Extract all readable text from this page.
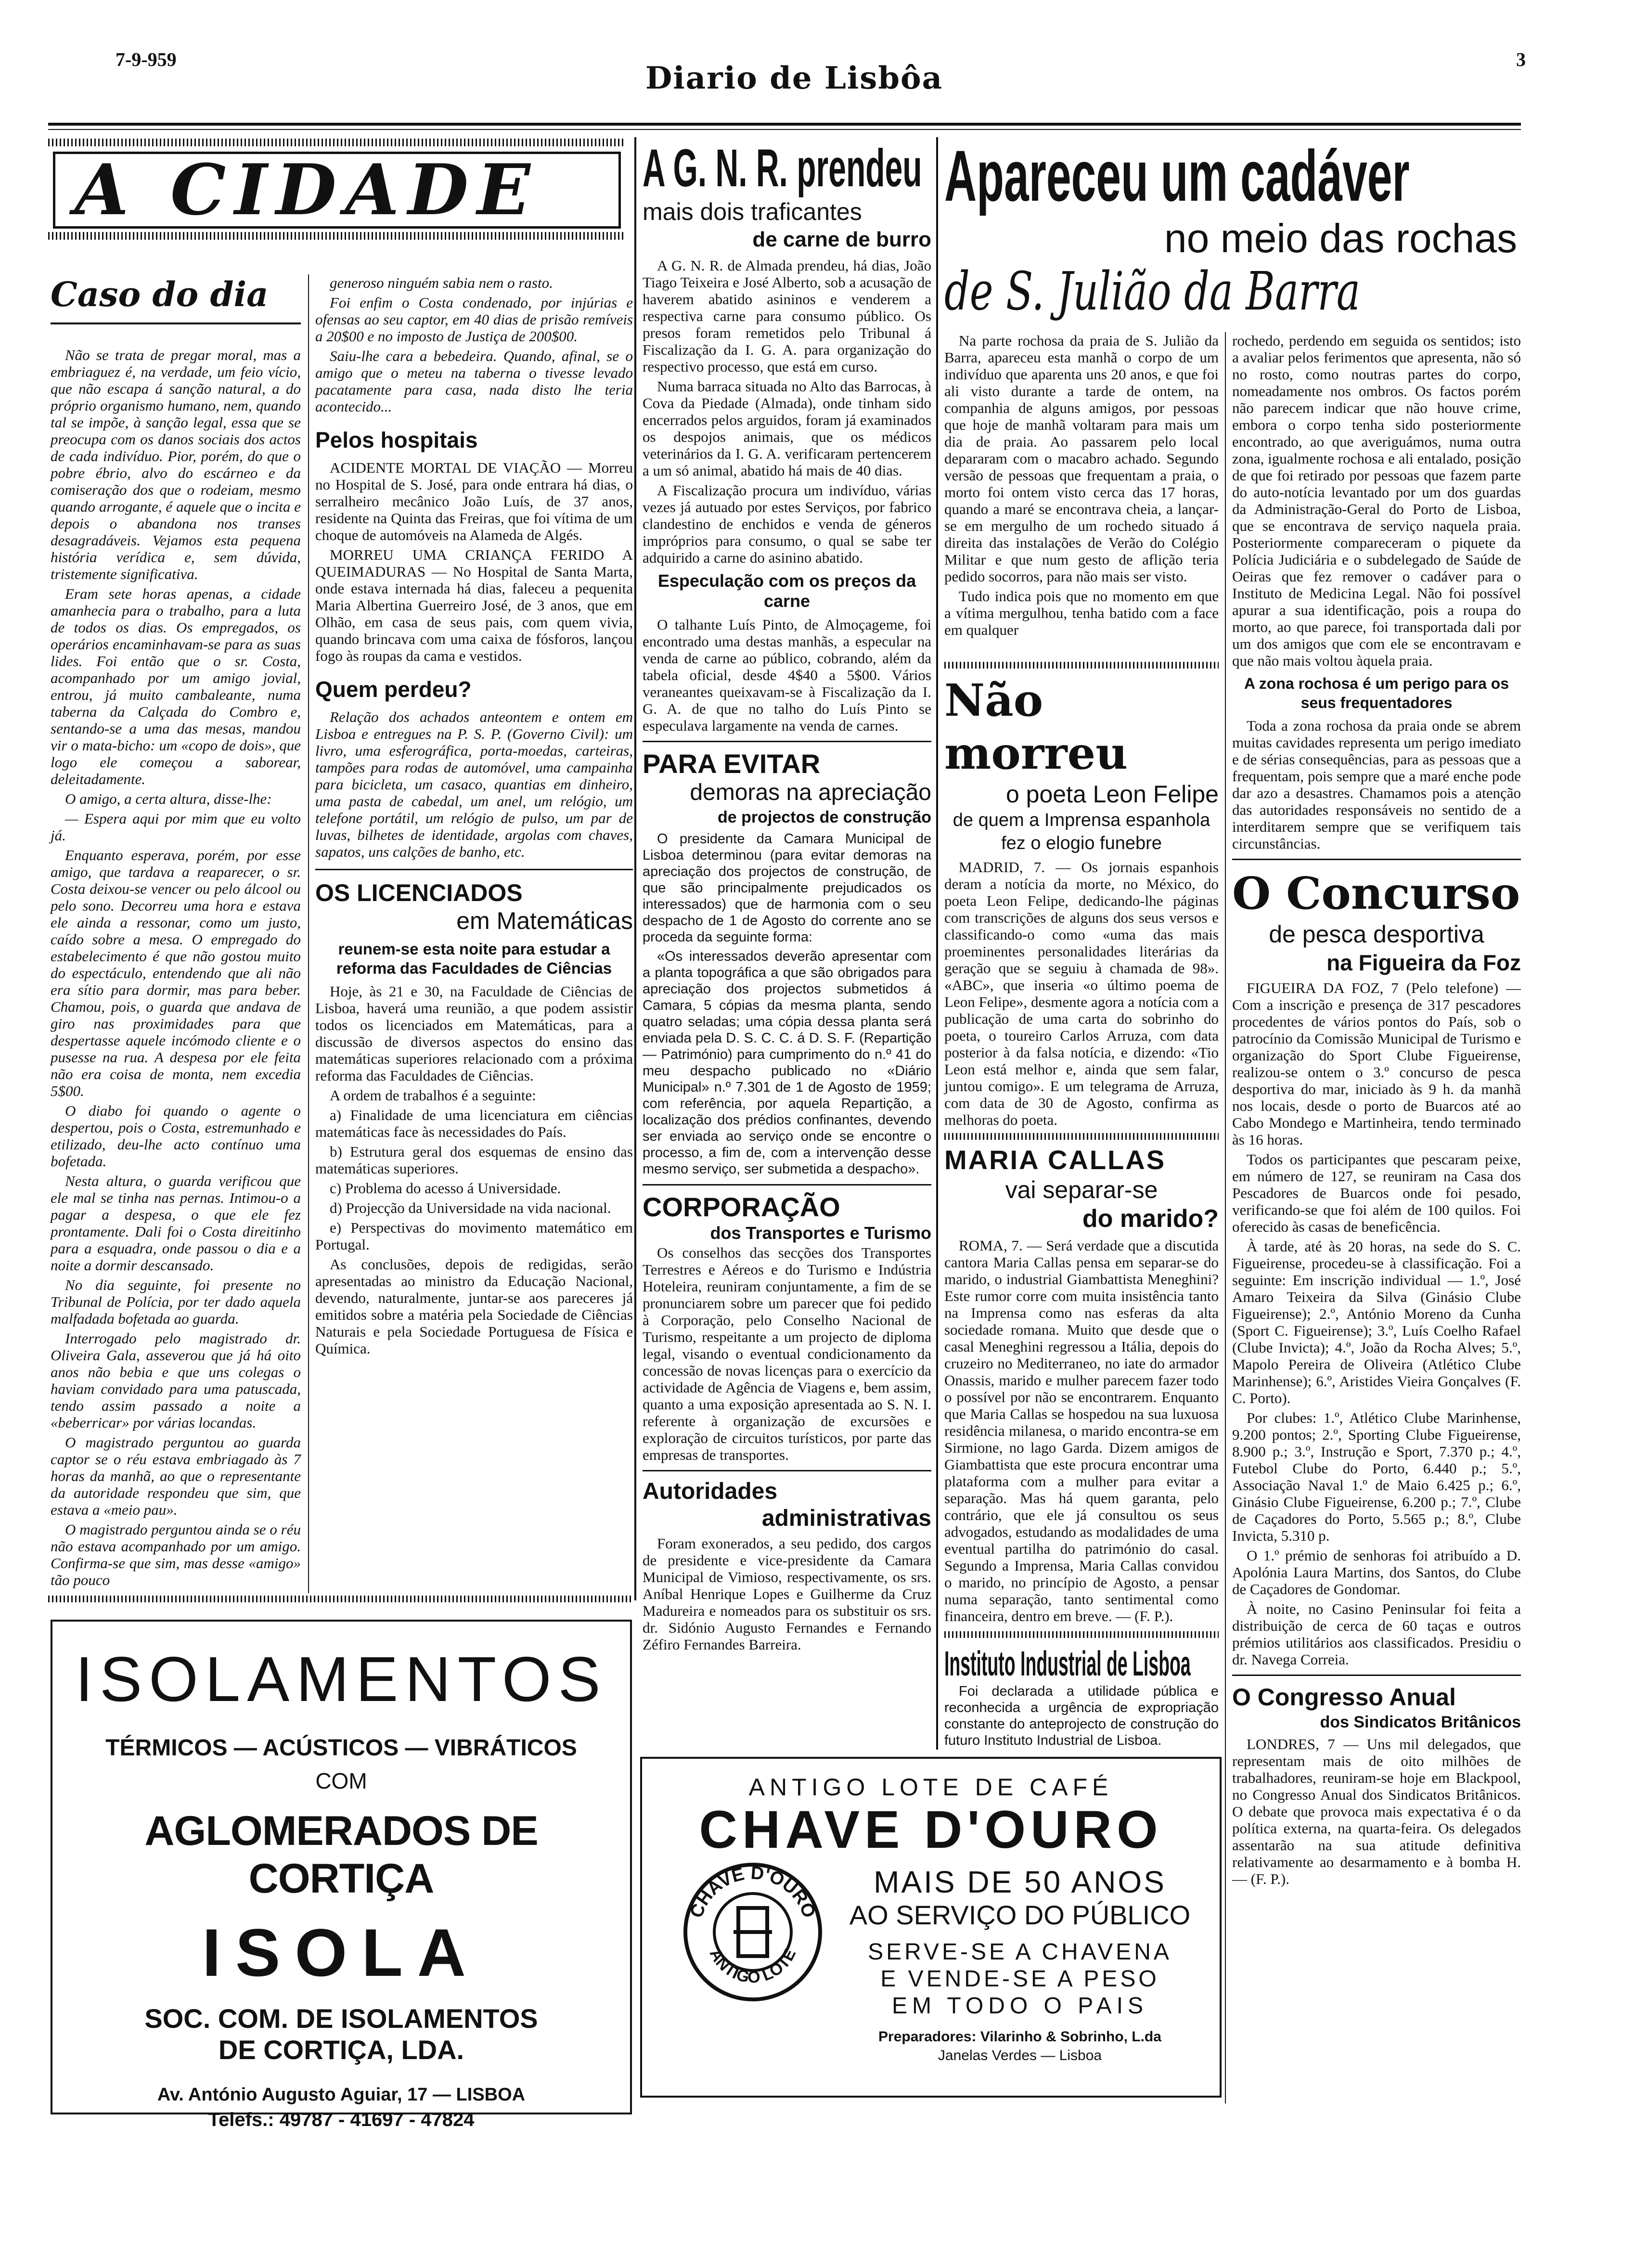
7-9-959
Diario de Lisbôa
3
A CIDADE
Caso do dia

Não se trata de pregar moral, mas a embriaguez é, na verdade, um feio vício, que não escapa á sanção natural, a do próprio organismo humano, nem, quando tal se impõe, à sanção legal, essa que se preocupa com os danos sociais dos actos de cada indivíduo. Pior, porém, do que o pobre ébrio, alvo do escárneo e da comiseração dos que o rodeiam, mesmo quando arrogante, é aquele que o incita e depois o abandona nos transes desagradáveis. Vejamos esta pequena história verídica e, sem dúvida, tristemente significativa.

Eram sete horas apenas, a cidade amanhecia para o trabalho, para a luta de todos os dias. Os empregados, os operários encaminhavam-se para as suas lides. Foi então que o sr. Costa, acompanhado por um amigo jovial, entrou, já muito cambaleante, numa taberna da Calçada do Combro e, sentando-se a uma das mesas, mandou vir o mata-bicho: um «copo de dois», que logo ele começou a saborear, deleitadamente.

O amigo, a certa altura, disse-lhe:

— Espera aqui por mim que eu volto já.

Enquanto esperava, porém, por esse amigo, que tardava a reaparecer, o sr. Costa deixou-se vencer ou pelo álcool ou pelo sono. Decorreu uma hora e estava ele ainda a ressonar, como um justo, caído sobre a mesa. O empregado do estabelecimento é que não gostou muito do espectáculo, entendendo que ali não era sítio para dormir, mas para beber. Chamou, pois, o guarda que andava de giro nas proximidades para que despertasse aquele incómodo cliente e o pusesse na rua. A despesa por ele feita não era coisa de monta, nem excedia 5$00.

O diabo foi quando o agente o despertou, pois o Costa, estremunhado e etilizado, deu-lhe acto contínuo uma bofetada.

Nesta altura, o guarda verificou que ele mal se tinha nas pernas. Intimou-o a pagar a despesa, o que ele fez prontamente. Dali foi o Costa direitinho para a esquadra, onde passou o dia e a noite a dormir descansado.

No dia seguinte, foi presente no Tribunal de Polícia, por ter dado aquela malfadada bofetada ao guarda.

Interrogado pelo magistrado dr. Oliveira Gala, asseverou que já há oito anos não bebia e que uns colegas o haviam convidado para uma patuscada, tendo assim passado a noite a «beberricar» por várias locandas.

O magistrado perguntou ao guarda captor se o réu estava embriagado às 7 horas da manhã, ao que o representante da autoridade respondeu que sim, que estava a «meio pau».

O magistrado perguntou ainda se o réu não estava acompanhado por um amigo. Confirma-se que sim, mas desse «amigo» tão pouco

generoso ninguém sabia nem o rasto.

Foi enfim o Costa condenado, por injúrias e ofensas ao seu captor, em 40 dias de prisão remíveis a 20$00 e no imposto de Justiça de 200$00.

Saiu-lhe cara a bebedeira. Quando, afinal, se o amigo que o meteu na taberna o tivesse levado pacatamente para casa, nada disto lhe teria acontecido...

Pelos hospitais

ACIDENTE MORTAL DE VIAÇÃO — Morreu no Hospital de S. José, para onde entrara há dias, o serralheiro mecânico João Luís, de 37 anos, residente na Quinta das Freiras, que foi vítima de um choque de automóveis na Alameda de Algés.

MORREU UMA CRIANÇA FERIDO A QUEIMADURAS — No Hospital de Santa Marta, onde estava internada há dias, faleceu a pequenita Maria Albertina Guerreiro José, de 3 anos, que em Olhão, em casa de seus pais, com quem vivia, quando brincava com uma caixa de fósforos, lançou fogo às roupas da cama e vestidos.

Quem perdeu?

Relação dos achados anteontem e ontem em Lisboa e entregues na P. S. P. (Governo Civil): um livro, uma esferográfica, porta-moedas, carteiras, tampões para rodas de automóvel, uma campainha para bicicleta, um casaco, quantias em dinheiro, uma pasta de cabedal, um anel, um relógio, um telefone portátil, um relógio de pulso, um par de luvas, bilhetes de identidade, argolas com chaves, sapatos, uns calções de banho, etc.

OS LICENCIADOS
em Matemáticas
reunem-se esta noite para estudar a reforma das Faculdades de Ciências

Hoje, às 21 e 30, na Faculdade de Ciências de Lisboa, haverá uma reunião, a que podem assistir todos os licenciados em Matemáticas, para a discussão de diversos aspectos do ensino das matemáticas superiores relacionado com a próxima reforma das Faculdades de Ciências.

A ordem de trabalhos é a seguinte:

a) Finalidade de uma licenciatura em ciências matemáticas face às necessidades do País.

b) Estrutura geral dos esquemas de ensino das matemáticas superiores.

c) Problema do acesso á Universidade.

d) Projecção da Universidade na vida nacional.

e) Perspectivas do movimento matemático em Portugal.

As conclusões, depois de redigidas, serão apresentadas ao ministro da Educação Nacional, devendo, naturalmente, juntar-se aos pareceres já emitidos sobre a matéria pela Sociedade de Ciências Naturais e pela Sociedade Portuguesa de Física e Química.

ISOLAMENTOS
TÉRMICOS — ACÚSTICOS — VIBRÁTICOS
COM
AGLOMERADOS DE CORTIÇA
ISOLA
SOC. COM. DE ISOLAMENTOS
DE CORTIÇA, LDA.
Av. António Augusto Aguiar, 17 — LISBOA
Telefs.: 49787 - 41697 - 47824
A G. N. R. prendeu
mais dois traficantes
de carne de burro

A G. N. R. de Almada prendeu, há dias, João Tiago Teixeira e José Alberto, sob a acusação de haverem abatido asininos e venderem a respectiva carne para consumo público. Os presos foram remetidos pelo Tribunal á Fiscalização da I. G. A. para organização do respectivo processo, que está em curso.

Numa barraca situada no Alto das Barrocas, à Cova da Piedade (Almada), onde tinham sido encerrados pelos arguidos, foram já examinados os despojos animais, que os médicos veterinários da I. G. A. verificaram pertencerem a um só animal, abatido há mais de 40 dias.

A Fiscalização procura um indivíduo, várias vezes já autuado por estes Serviços, por fabrico clandestino de enchidos e venda de géneros impróprios para consumo, o qual se sabe ter adquirido a carne do asinino abatido.

Especulação com os preços da carne

O talhante Luís Pinto, de Almoçageme, foi encontrado uma destas manhãs, a especular na venda de carne ao público, cobrando, além da tabela oficial, desde 4$40 a 5$00. Vários veraneantes queixavam-se à Fiscalização da I. G. A. de que no talho do Luís Pinto se especulava largamente na venda de carnes.

PARA EVITAR
demoras na apreciação
de projectos de construção

O presidente da Camara Municipal de Lisboa determinou (para evitar demoras na apreciação dos projectos de construção, de que são principalmente prejudicados os interessados) que de harmonia com o seu despacho de 1 de Agosto do corrente ano se proceda da seguinte forma:

«Os interessados deverão apresentar com a planta topográfica a que são obrigados para apreciação dos projectos submetidos á Camara, 5 cópias da mesma planta, sendo quatro seladas; uma cópia dessa planta será enviada pela D. S. C. C. á D. S. F. (Repartição — Património) para cumprimento do n.º 41 do meu despacho publicado no «Diário Municipal» n.º 7.301 de 1 de Agosto de 1959; com referência, por aquela Repartição, a localização dos prédios confinantes, devendo ser enviada ao serviço onde se encontre o processo, a fim de, com a intervenção desse mesmo serviço, ser submetida a despacho».

CORPORAÇÃO
dos Transportes e Turismo

Os conselhos das secções dos Transportes Terrestres e Aéreos e do Turismo e Indústria Hoteleira, reuniram conjuntamente, a fim de se pronunciarem sobre um parecer que foi pedido à Corporação, pelo Conselho Nacional de Turismo, respeitante a um projecto de diploma legal, visando o eventual condicionamento da concessão de novas licenças para o exercício da actividade de Agência de Viagens e, bem assim, quanto a uma exposição apresentada ao S. N. I. referente à organização de excursões e exploração de circuitos turísticos, por parte das empresas de transportes.

Autoridades
administrativas

Foram exonerados, a seu pedido, dos cargos de presidente e vice-presidente da Camara Municipal de Vimioso, respectivamente, os srs. Aníbal Henrique Lopes e Guilherme da Cruz Madureira e nomeados para os substituir os srs. dr. Sidónio Augusto Fernandes e Fernando Zéfiro Fernandes Barreira.

Apareceu um cadáver
no meio das rochas
de S. Julião da Barra

Na parte rochosa da praia de S. Julião da Barra, apareceu esta manhã o corpo de um indivíduo que aparenta uns 20 anos, e que foi ali visto durante a tarde de ontem, na companhia de alguns amigos, por pessoas que hoje de manhã voltaram para mais um dia de praia. Ao passarem pelo local depararam com o macabro achado. Segundo versão de pessoas que frequentam a praia, o morto foi ontem visto cerca das 17 horas, quando a maré se encontrava cheia, a lançar-se em mergulho de um rochedo situado á direita das instalações de Verão do Colégio Militar e que num gesto de aflição teria pedido socorros, para não mais ser visto.

Tudo indica pois que no momento em que a vítima mergulhou, tenha batido com a face em qualquer

Não morreu
o poeta Leon Felipe
de quem a Imprensa espanhola
fez o elogio funebre

MADRID, 7. — Os jornais espanhois deram a notícia da morte, no México, do poeta Leon Felipe, dedicando-lhe páginas com transcrições de alguns dos seus versos e classificando-o como «uma das mais proeminentes personalidades literárias da geração que se seguiu à chamada de 98». «ABC», que inseria «o último poema de Leon Felipe», desmente agora a notícia com a publicação de uma carta do sobrinho do poeta, o toureiro Carlos Arruza, com data posterior à da falsa notícia, e dizendo: «Tio Leon está melhor e, ainda que sem falar, juntou comigo». E um telegrama de Arruza, com data de 30 de Agosto, confirma as melhoras do poeta.

MARIA CALLAS
vai separar-se
do marido?

ROMA, 7. — Será verdade que a discutida cantora Maria Callas pensa em separar-se do marido, o industrial Giambattista Meneghini? Este rumor corre com muita insistência tanto na Imprensa como nas esferas da alta sociedade romana. Muito que desde que o casal Meneghini regressou a Itália, depois do cruzeiro no Mediterraneo, no iate do armador Onassis, marido e mulher parecem fazer todo o possível por não se encontrarem. Enquanto que Maria Callas se hospedou na sua luxuosa residência milanesa, o marido encontra-se em Sirmione, no lago Garda. Dizem amigos de Giambattista que este procura encontrar uma plataforma com a mulher para evitar a separação. Mas há quem garanta, pelo contrário, que ele já consultou os seus advogados, estudando as modalidades de uma eventual partilha do património do casal. Segundo a Imprensa, Maria Callas convidou o marido, no princípio de Agosto, a pensar numa separação, tanto sentimental como financeira, dentro em breve. — (F. P.).

Instituto Industrial de Lisboa

Foi declarada a utilidade pública e reconhecida a urgência de expropriação constante do anteprojecto de construção do futuro Instituto Industrial de Lisboa.

rochedo, perdendo em seguida os sentidos; isto a avaliar pelos ferimentos que apresenta, não só no rosto, como noutras partes do corpo, nomeadamente nos ombros. Os factos porém não parecem indicar que não houve crime, embora o corpo tenha sido posteriormente encontrado, ao que averiguámos, numa outra zona, igualmente rochosa e ali entalado, posição de que foi retirado por pessoas que fazem parte do auto-notícia levantado por um dos guardas da Administração-Geral do Porto de Lisboa, que se encontrava de serviço naquela praia. Posteriormente compareceram o piquete da Polícia Judiciária e o subdelegado de Saúde de Oeiras que fez remover o cadáver para o Instituto de Medicina Legal. Não foi possível apurar a sua identificação, pois a roupa do morto, ao que parece, foi transportada dali por um dos amigos que com ele se encontravam e que não mais voltou àquela praia.

A zona rochosa é um perigo para os seus frequentadores

Toda a zona rochosa da praia onde se abrem muitas cavidades representa um perigo imediato e de sérias consequências, para as pessoas que a frequentam, pois sempre que a maré enche pode dar azo a desastres. Chamamos pois a atenção das autoridades responsáveis no sentido de a interditarem sempre que se verifiquem tais circunstâncias.

O Concurso
de pesca desportiva
na Figueira da Foz

FIGUEIRA DA FOZ, 7 (Pelo telefone) — Com a inscrição e presença de 317 pescadores procedentes de vários pontos do País, sob o patrocínio da Comissão Municipal de Turismo e organização do Sport Clube Figueirense, realizou-se ontem o 3.º concurso de pesca desportiva do mar, iniciado às 9 h. da manhã nos locais, desde o porto de Buarcos até ao Cabo Mondego e Martinheira, tendo terminado às 16 horas.

Todos os participantes que pescaram peixe, em número de 127, se reuniram na Casa dos Pescadores de Buarcos onde foi pesado, verificando-se que foi além de 100 quilos. Foi oferecido às casas de beneficência.

À tarde, até às 20 horas, na sede do S. C. Figueirense, procedeu-se à classificação. Foi a seguinte: Em inscrição individual — 1.º, José Amaro Teixeira da Silva (Ginásio Clube Figueirense); 2.º, António Moreno da Cunha (Sport C. Figueirense); 3.º, Luís Coelho Rafael (Clube Invicta); 4.º, João da Rocha Alves; 5.º, Mapolo Pereira de Oliveira (Atlético Clube Marinhense); 6.º, Aristides Vieira Gonçalves (F. C. Porto).

Por clubes: 1.º, Atlético Clube Marinhense, 9.200 pontos; 2.º, Sporting Clube Figueirense, 8.900 p.; 3.º, Instrução e Sport, 7.370 p.; 4.º, Futebol Clube do Porto, 6.440 p.; 5.º, Associação Naval 1.º de Maio 6.425 p.; 6.º, Ginásio Clube Figueirense, 6.200 p.; 7.º, Clube de Caçadores do Porto, 5.565 p.; 8.º, Clube Invicta, 5.310 p.

O 1.º prémio de senhoras foi atribuído a D. Apolónia Laura Martins, dos Santos, do Clube de Caçadores de Gondomar.

À noite, no Casino Peninsular foi feita a distribuição de cerca de 60 taças e outros prémios utilitários aos classificados. Presidiu o dr. Navega Correia.

O Congresso Anual
dos Sindicatos Britânicos

LONDRES, 7 — Uns mil delegados, que representam mais de oito milhões de trabalhadores, reuniram-se hoje em Blackpool, no Congresso Anual dos Sindicatos Britânicos. O debate que provoca mais expectativa é o da política externa, na quarta-feira. Os delegados assentarão na sua atitude definitiva relativamente ao desarmamento e à bomba H. — (F. P.).

ANTIGO LOTE DE CAFÉ
CHAVE D'OURO
CHAVE D'OURO
ANTIGO LOTE
MAIS DE 50 ANOS
AO SERVIÇO DO PÚBLICO
SERVE-SE A CHAVENA
E VENDE-SE A PESO
EM TODO O PAIS
Preparadores: Vilarinho & Sobrinho, L.da
Janelas Verdes — Lisboa
